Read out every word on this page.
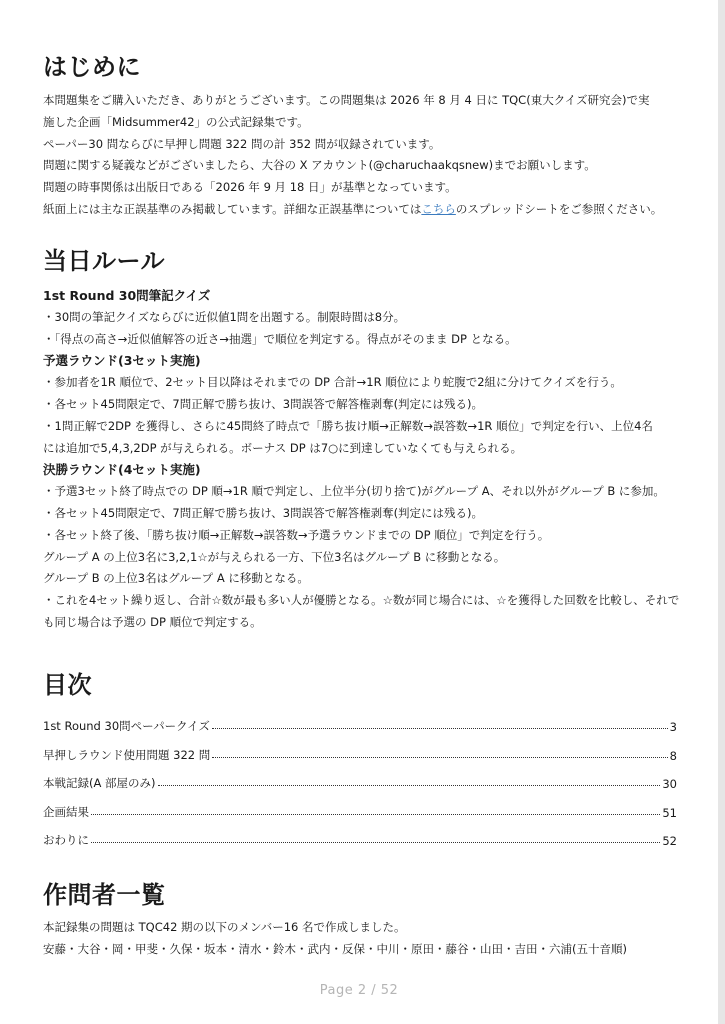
はじめに
本問題集をご購入いただき、ありがとうございます。この問題集は 2026 年 8 月 4 日に TQC(東大クイズ研究会)で実
施した企画「Midsummer42」の公式記録集です。
ペーパー30 問ならびに早押し問題 322 問の計 352 問が収録されています。
問題に関する疑義などがございましたら、大谷の X アカウント(@charuchaakqsnew)までお願いします。
問題の時事関係は出版日である「2026 年 9 月 18 日」が基準となっています。
紙面上には主な正誤基準のみ掲載しています。詳細な正誤基準についてはこちらのスプレッドシートをご参照ください。
当日ルール
1st Round 30問筆記クイズ
・30問の筆記クイズならびに近似値1問を出題する。制限時間は8分。
・「得点の高さ→近似値解答の近さ→抽選」で順位を判定する。得点がそのまま DP となる。
予選ラウンド(3セット実施)
・参加者を1R 順位で、2セット目以降はそれまでの DP 合計→1R 順位により蛇腹で2組に分けてクイズを行う。
・各セット45問限定で、7問正解で勝ち抜け、3問誤答で解答権剥奪(判定には残る)。
・1問正解で2DP を獲得し、さらに45問終了時点で「勝ち抜け順→正解数→誤答数→1R 順位」で判定を行い、上位4名
には追加で5,4,3,2DP が与えられる。ボーナス DP は7○に到達していなくても与えられる。
決勝ラウンド(4セット実施)
・予選3セット終了時点での DP 順→1R 順で判定し、上位半分(切り捨て)がグループ A、それ以外がグループ B に参加。
・各セット45問限定で、7問正解で勝ち抜け、3問誤答で解答権剥奪(判定には残る)。
・各セット終了後、「勝ち抜け順→正解数→誤答数→予選ラウンドまでの DP 順位」で判定を行う。
グループ A の上位3名に3,2,1☆が与えられる一方、下位3名はグループ B に移動となる。
グループ B の上位3名はグループ A に移動となる。
・これを4セット繰り返し、合計☆数が最も多い人が優勝となる。☆数が同じ場合には、☆を獲得した回数を比較し、それで
も同じ場合は予選の DP 順位で判定する。
目次
1st Round 30問ペーパークイズ	3
早押しラウンド使用問題 322 問	8
本戦記録(A 部屋のみ)	30
企画結果	51
おわりに	52
作問者一覧
本記録集の問題は TQC42 期の以下のメンバー16 名で作成しました。
安藤・大谷・岡・甲斐・久保・坂本・清水・鈴木・武内・反保・中川・原田・藤谷・山田・吉田・六浦(五十音順)
Page 2 / 52
